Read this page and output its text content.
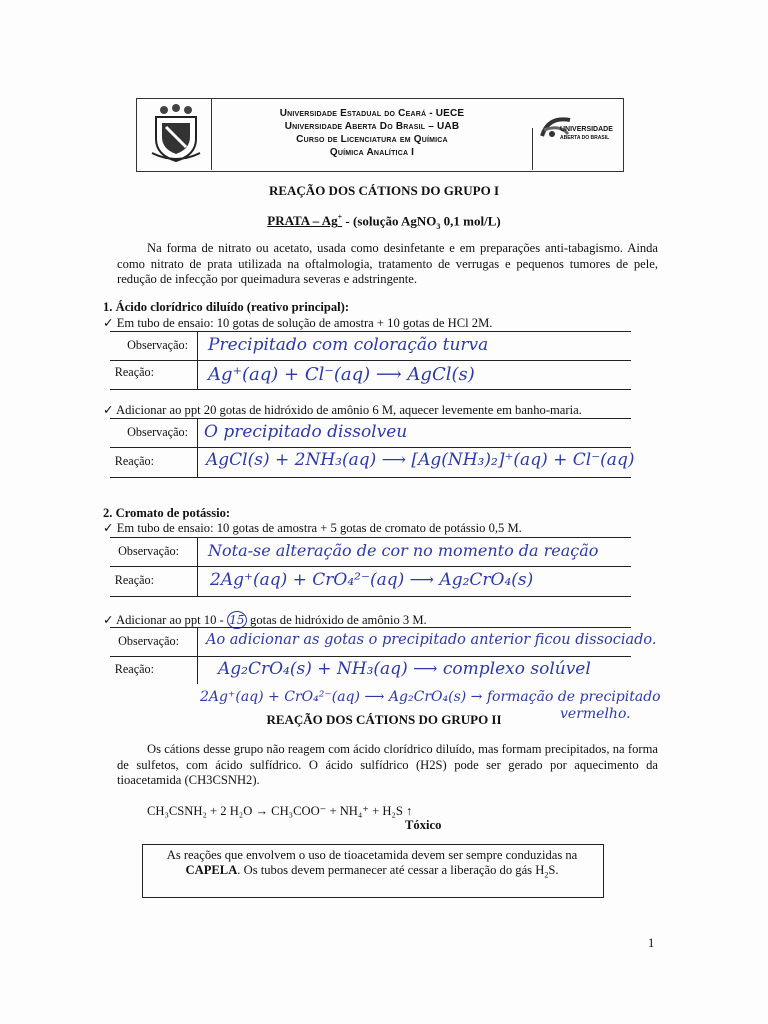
Universidade Estadual do Ceará - UECE
Universidade Aberta Do Brasil – UAB
Curso de Licenciatura em Química
Química Analítica I
UNIVERSIDADE
ABERTA DO BRASIL
REAÇÃO DOS CÁTIONS DO GRUPO I
PRATA – Ag+ - (solução AgNO$_3$ 0,1 mol/L)
Na forma de nitrato ou acetato, usada como desinfetante e em preparações anti-tabagismo. Ainda como nitrato de prata utilizada na oftalmologia, tratamento de verrugas e pequenos tumores de pele, redução de infecção por queimadura severas e adstringente.
1. Ácido clorídrico diluído (reativo principal):
✓ Em tubo de ensaio: 10 gotas de solução de amostra + 10 gotas de HCl 2M.
Observação: Precipitado com coloração turva
Reação:	Ag⁺(aq) + Cl⁻(aq) ⟶ AgCl(s)
✓ Adicionar ao ppt 20 gotas de hidróxido de amônio 6 M, aquecer levemente em banho-maria.
Observação: O precipitado dissolveu
Reação:	AgCl(s) + 2NH₃(aq) ⟶ [Ag(NH₃)₂]⁺(aq) + Cl⁻(aq)
2. Cromato de potássio:
✓ Em tubo de ensaio: 10 gotas de amostra + 5 gotas de cromato de potássio 0,5 M.
Observação: Nota-se alteração de cor no momento da reação
Reação:	2Ag⁺(aq) + CrO₄²⁻(aq) ⟶ Ag₂CrO₄(s)
✓ Adicionar ao ppt 10 - 15 gotas de hidróxido de amônio 3 M.
Observação: Ao adicionar as gotas o precipitado anterior ficou dissociado.
Reação:	Ag₂CrO₄(s) + NH₃(aq) ⟶ complexo solúvel
2Ag⁺(aq) + CrO₄²⁻(aq) ⟶ Ag₂CrO₄(s) → formação de precipitado
vermelho.
REAÇÃO DOS CÁTIONS DO GRUPO II
Os cátions desse grupo não reagem com ácido clorídrico diluído, mas formam precipitados, na forma de sulfetos, com ácido sulfídrico. O ácido sulfídrico (H2S) pode ser gerado por aquecimento da tioacetamida (CH3CSNH2).
CH₃CSNH₂ + 2 H₂O → CH₃COO⁻ + NH₄⁺ + H₂S ↑
Tóxico
As reações que envolvem o uso de tioacetamida devem ser sempre conduzidas na CAPELA. Os tubos devem permanecer até cessar a liberação do gás $H_2S$.
1
